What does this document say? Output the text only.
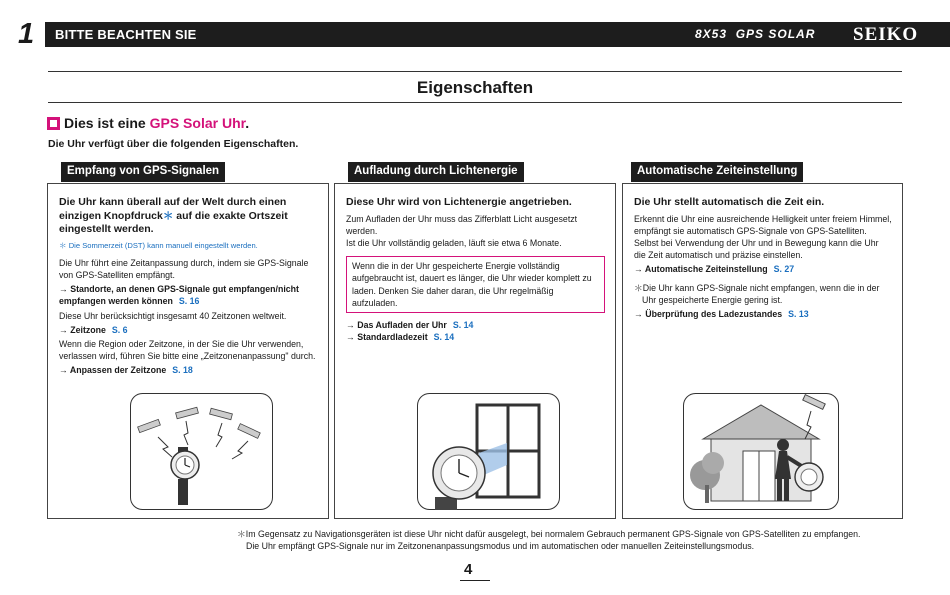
1 BITTE BEACHTEN SIE	8X53  GPS SOLAR SEIKO
Eigenschaften
Dies ist eine GPS Solar Uhr.
Die Uhr verfügt über die folgenden Eigenschaften.
Empfang von GPS-Signalen
Die Uhr kann überall auf der Welt durch einen einzigen Knopfdruck＊ auf die exakte Ortszeit eingestellt werden.
＊ Die Sommerzeit (DST) kann manuell eingestellt werden.
Die Uhr führt eine Zeitanpassung durch, indem sie GPS-Signale von GPS-Satelliten empfängt.
→ Standorte, an denen GPS-Signale gut empfangen/nicht empfangen werden können S. 16
Diese Uhr berücksichtigt insgesamt 40 Zeitzonen weltweit.
→ Zeitzone S. 6
Wenn die Region oder Zeitzone, in der Sie die Uhr verwenden, verlassen wird, führen Sie bitte eine „Zeitzonenanpassung" durch.
→ Anpassen der Zeitzone S. 18
Aufladung durch Lichtenergie
Diese Uhr wird von Lichtenergie angetrieben.
Zum Aufladen der Uhr muss das Zifferblatt Licht ausgesetzt werden.
Ist die Uhr vollständig geladen, läuft sie etwa 6 Monate.
Wenn die in der Uhr gespeicherte Energie vollständig aufgebraucht ist, dauert es länger, die Uhr wieder komplett zu laden. Denken Sie daher daran, die Uhr regelmäßig aufzuladen.
→ Das Aufladen der Uhr S. 14
→ Standardladezeit S. 14
Automatische Zeiteinstellung
Die Uhr stellt automatisch die Zeit ein.
Erkennt die Uhr eine ausreichende Helligkeit unter freiem Himmel, empfängt sie automatisch GPS-Signale von GPS-Satelliten. Selbst bei Verwendung der Uhr und in Bewegung kann die Uhr die Zeit automatisch und präzise einstellen.
→ Automatische Zeiteinstellung S. 27
＊Die Uhr kann GPS-Signale nicht empfangen, wenn die in der Uhr gespeicherte Energie gering ist.
→ Überprüfung des Ladezustandes S. 13
＊Im Gegensatz zu Navigationsgeräten ist diese Uhr nicht dafür ausgelegt, bei normalem Gebrauch permanent GPS-Signale von GPS-Satelliten zu empfangen.
Die Uhr empfängt GPS-Signale nur im Zeitzonenanpassungsmodus und im automatischen oder manuellen Zeiteinstellungsmodus.
4
